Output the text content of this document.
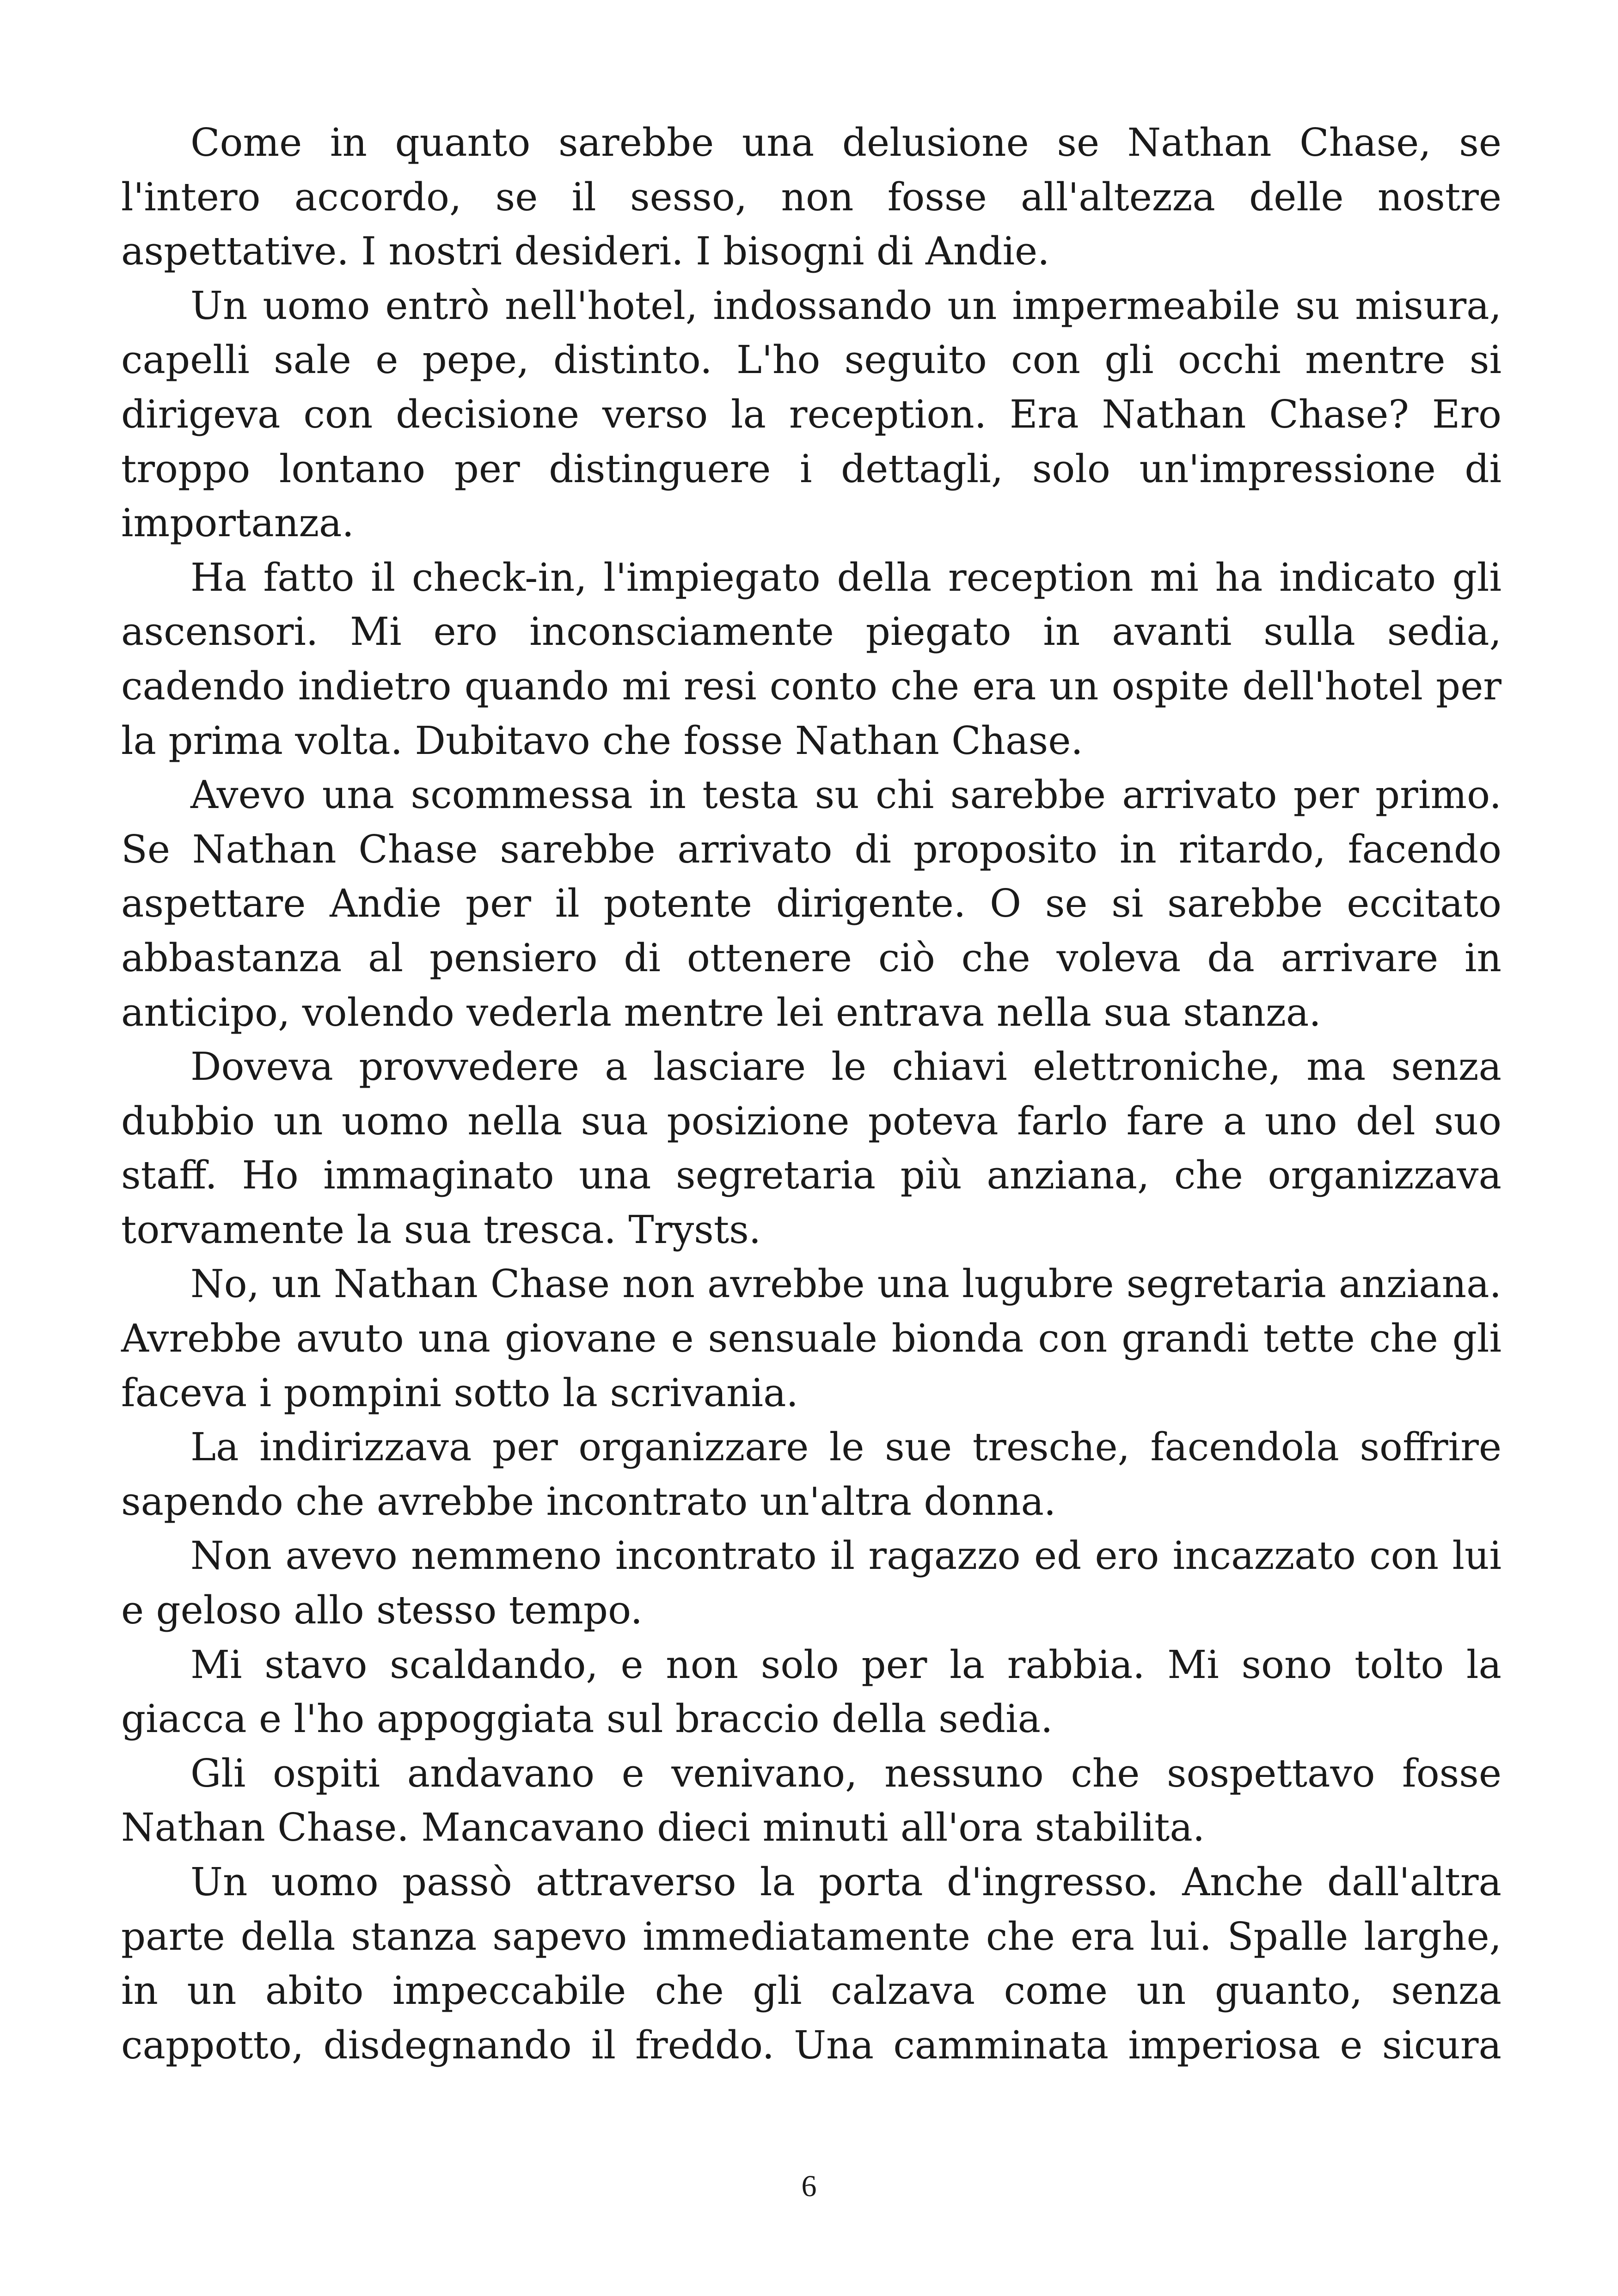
Come in quanto sarebbe una delusione se Nathan Chase, se l'intero accordo, se il sesso, non fosse all'altezza delle nostre aspettative. I nostri desideri. I bisogni di Andie.

Un uomo entrò nell'hotel, indossando un impermeabile su misura, capelli sale e pepe, distinto. L'ho seguito con gli occhi mentre si dirigeva con decisione verso la reception. Era Nathan Chase? Ero troppo lontano per distinguere i dettagli, solo un'impressione di importanza.

Ha fatto il check-in, l'impiegato della reception mi ha indicato gli ascensori. Mi ero inconsciamente piegato in avanti sulla sedia, cadendo indietro quando mi resi conto che era un ospite dell'hotel per la prima volta. Dubitavo che fosse Nathan Chase.

Avevo una scommessa in testa su chi sarebbe arrivato per primo. Se Nathan Chase sarebbe arrivato di proposito in ritardo, facendo aspettare Andie per il potente dirigente. O se si sarebbe eccitato abbastanza al pensiero di ottenere ciò che voleva da arrivare in anticipo, volendo vederla mentre lei entrava nella sua stanza.

Doveva provvedere a lasciare le chiavi elettroniche, ma senza dubbio un uomo nella sua posizione poteva farlo fare a uno del suo staff. Ho immaginato una segretaria più anziana, che organizzava torvamente la sua tresca. Trysts.

No, un Nathan Chase non avrebbe una lugubre segretaria anziana. Avrebbe avuto una giovane e sensuale bionda con grandi tette che gli faceva i pompini sotto la scrivania.

La indirizzava per organizzare le sue tresche, facendola soffrire sapendo che avrebbe incontrato un'altra donna.

Non avevo nemmeno incontrato il ragazzo ed ero incazzato con lui e geloso allo stesso tempo.

Mi stavo scaldando, e non solo per la rabbia. Mi sono tolto la giacca e l'ho appoggiata sul braccio della sedia.

Gli ospiti andavano e venivano, nessuno che sospettavo fosse Nathan Chase. Mancavano dieci minuti all'ora stabilita.

Un uomo passò attraverso la porta d'ingresso. Anche dall'altra parte della stanza sapevo immediatamente che era lui. Spalle larghe, in un abito impeccabile che gli calzava come un guanto, senza cappotto, disdegnando il freddo. Una camminata imperiosa e sicura

6
